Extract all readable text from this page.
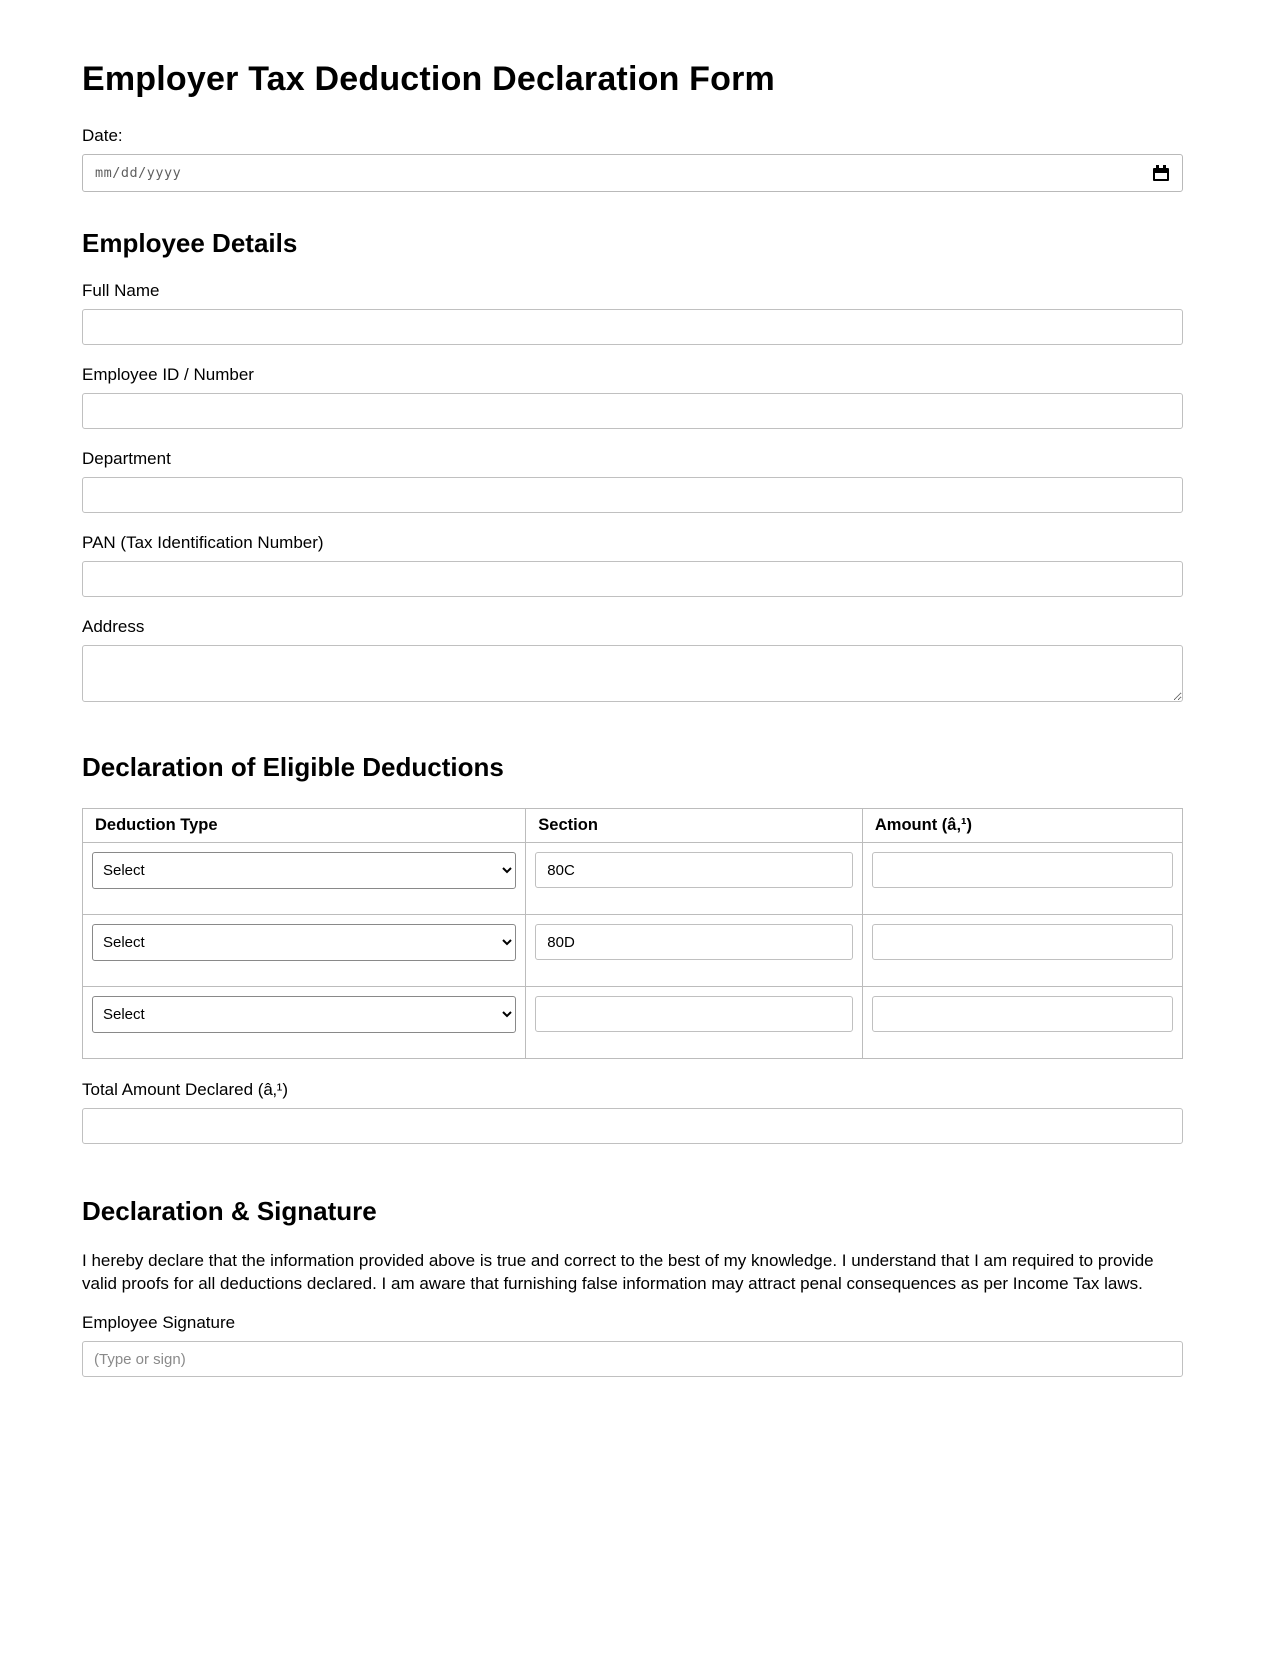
Employer Tax Deduction Declaration Form
Date:
mm/dd/yyyy
Employee Details
Full Name
Employee ID / Number
Department
PAN (Tax Identification Number)
Address
Declaration of Eligible Deductions
Deduction Type	Section	Amount (â‚¹)

Select	80C	

Select	80D	

Select		
Total Amount Declared (â‚¹)
Declaration & Signature

I hereby declare that the information provided above is true and correct to the best of my knowledge. I understand that I am required to provide valid proofs for all deductions declared. I am aware that furnishing false information may attract penal consequences as per Income Tax laws.

Employee Signature
(Type or sign)
